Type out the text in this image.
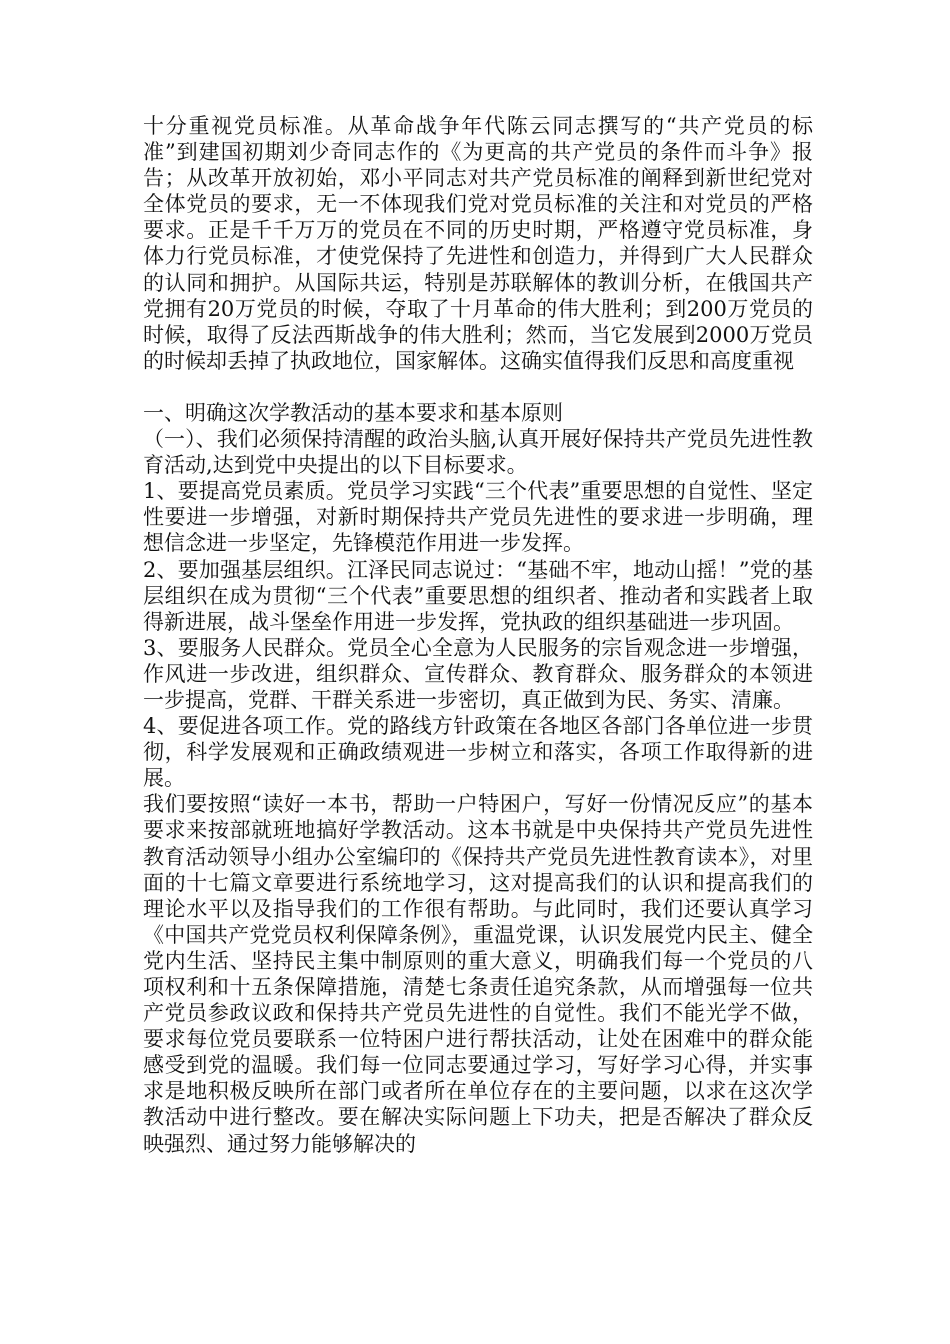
十分重视党员标准。从革命战争年代陈云同志撰写的“共产党员的标准”到建国初期刘少奇同志作的《为更高的共产党员的条件而斗争》报告；从改革开放初始，邓小平同志对共产党员标准的阐释到新世纪党对全体党员的要求，无一不体现我们党对党员标准的关注和对党员的严格要求。正是千千万万的党员在不同的历史时期，严格遵守党员标准，身体力行党员标准，才使党保持了先进性和创造力，并得到广大人民群众的认同和拥护。从国际共运，特别是苏联解体的教训分析，在俄国共产党拥有20万党员的时候，夺取了十月革命的伟大胜利；到200万党员的时候，取得了反法西斯战争的伟大胜利；然而，当它发展到2000万党员的时候却丢掉了执政地位，国家解体。这确实值得我们反思和高度重视

一、明确这次学教活动的基本要求和基本原则

（一）、我们必须保持清醒的政治头脑,认真开展好保持共产党员先进性教育活动,达到党中央提出的以下目标要求。

1、要提高党员素质。党员学习实践“三个代表”重要思想的自觉性、坚定性要进一步增强，对新时期保持共产党员先进性的要求进一步明确，理想信念进一步坚定，先锋模范作用进一步发挥。

2、要加强基层组织。江泽民同志说过：“基础不牢，地动山摇！”党的基层组织在成为贯彻“三个代表”重要思想的组织者、推动者和实践者上取得新进展，战斗堡垒作用进一步发挥，党执政的组织基础进一步巩固。

3、要服务人民群众。党员全心全意为人民服务的宗旨观念进一步增强，作风进一步改进，组织群众、宣传群众、教育群众、服务群众的本领进一步提高，党群、干群关系进一步密切，真正做到为民、务实、清廉。

4、要促进各项工作。党的路线方针政策在各地区各部门各单位进一步贯彻，科学发展观和正确政绩观进一步树立和落实，各项工作取得新的进展。

我们要按照“读好一本书，帮助一户特困户，写好一份情况反应”的基本要求来按部就班地搞好学教活动。这本书就是中央保持共产党员先进性教育活动领导小组办公室编印的《保持共产党员先进性教育读本》，对里面的十七篇文章要进行系统地学习，这对提高我们的认识和提高我们的理论水平以及指导我们的工作很有帮助。与此同时，我们还要认真学习《中国共产党党员权利保障条例》，重温党课，认识发展党内民主、健全党内生活、坚持民主集中制原则的重大意义，明确我们每一个党员的八项权利和十五条保障措施，清楚七条责任追究条款，从而增强每一位共产党员参政议政和保持共产党员先进性的自觉性。我们不能光学不做，要求每位党员要联系一位特困户进行帮扶活动，让处在困难中的群众能感受到党的温暖。我们每一位同志要通过学习，写好学习心得，并实事求是地积极反映所在部门或者所在单位存在的主要问题，以求在这次学教活动中进行整改。要在解决实际问题上下功夫，把是否解决了群众反映强烈、通过努力能够解决的
